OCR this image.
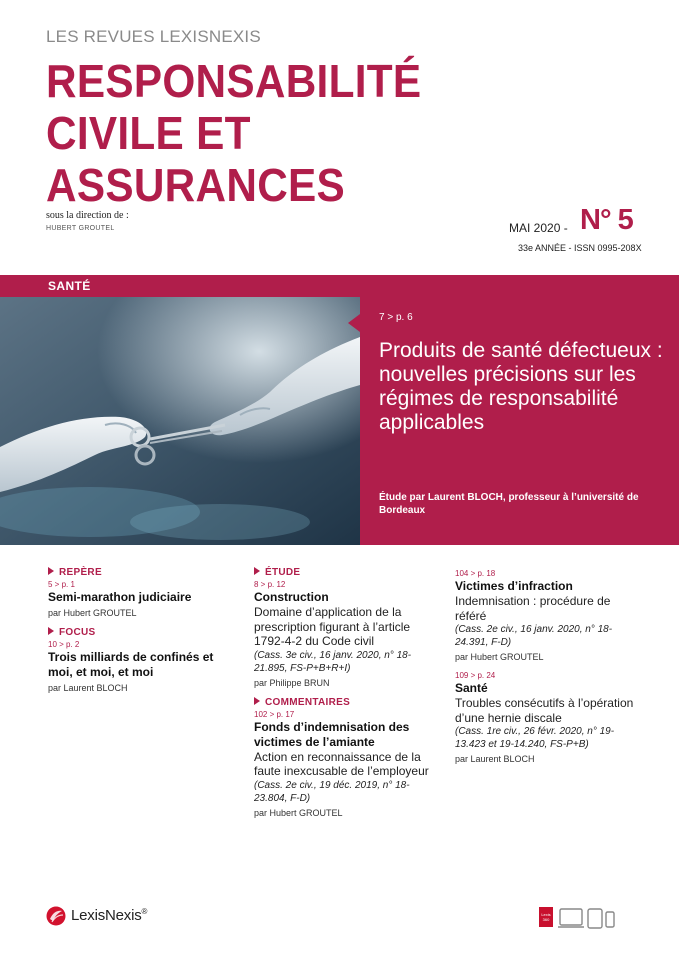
LES REVUES LEXISNEXIS
RESPONSABILITÉ
CIVILE ET
ASSURANCES
sous la direction de :
HUBERT GROUTEL	MAI 2020 - N° 5
33e ANNÉE - ISSN 0995-208X
SANTÉ
7 > p. 6
Produits de santé défectueux : nouvelles précisions sur les régimes de responsabilité applicables
Étude par Laurent BLOCH, professeur à l’université de Bordeaux
REPÈRE
5 > p. 1
Semi-marathon judiciaire
par Hubert GROUTEL
FOCUS
10 > p. 2
Trois milliards de confinés et moi, et moi, et moi
par Laurent BLOCH
ÉTUDE
8 > p. 12
Construction
Domaine d’application de la prescription figurant à l’article 1792-4-2 du Code civil
(Cass. 3e civ., 16 janv. 2020, n° 18-21.895, FS-P+B+R+I)
par Philippe BRUN
COMMENTAIRES
102 > p. 17
Fonds d’indemnisation des victimes de l’amiante
Action en reconnaissance de la faute inexcusable de l’employeur
(Cass. 2e civ., 19 déc. 2019, n° 18-23.804, F-D)
par Hubert GROUTEL
104 > p. 18
Victimes d’infraction
Indemnisation : procédure de référé
(Cass. 2e civ., 16 janv. 2020, n° 18-24.391, F-D)
par Hubert GROUTEL
109 > p. 24
Santé
Troubles consécutifs à l’opération d’une hernie discale
(Cass. 1re civ., 26 févr. 2020, n° 19-13.423 et 19-14.240, FS-P+B)
par Laurent BLOCH
LexisNexis®	Lexis 360
